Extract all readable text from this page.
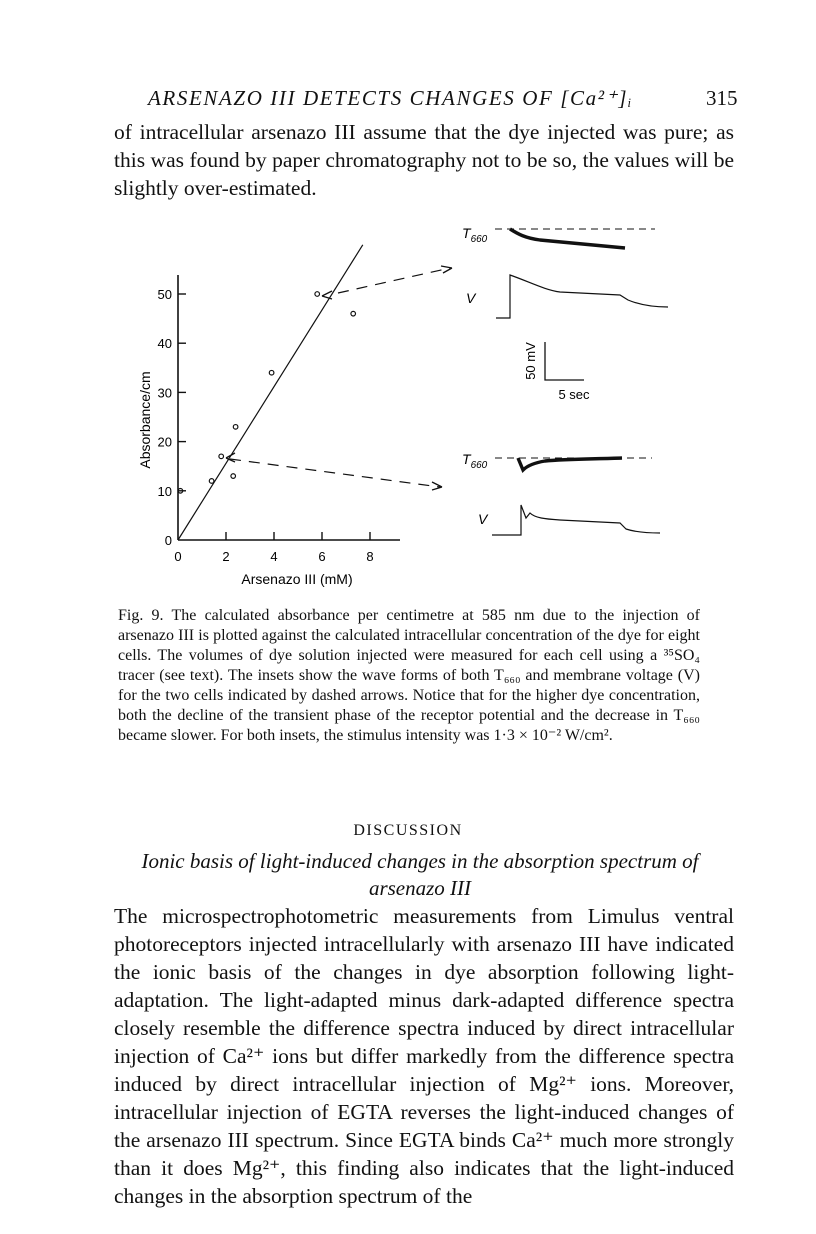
ARSENAZO III DETECTS CHANGES OF [Ca²⁺]ᵢ	315
of intracellular arsenazo III assume that the dye injected was pure; as this was found by paper chromatography not to be so, the values will be slightly over-estimated.
0
10
20
30
40
50
0	2	4	6	8
Absorbance/cm
Arsenazo III (mM)
$T_{660}$
V
50 mV
5 sec
$T_{660}$
V
Fig. 9. The calculated absorbance per centimetre at 585 nm due to the injection of arsenazo III is plotted against the calculated intracellular concentration of the dye for eight cells. The volumes of dye solution injected were measured for each cell using a ³⁵SO₄ tracer (see text). The insets show the wave forms of both T₆₆₀ and membrane voltage (V) for the two cells indicated by dashed arrows. Notice that for the higher dye concentration, both the decline of the transient phase of the receptor potential and the decrease in T₆₆₀ became slower. For both insets, the stimulus intensity was 1·3 × 10⁻² W/cm².
DISCUSSION
Ionic basis of light-induced changes in the absorption spectrum of arsenazo III
The microspectrophotometric measurements from Limulus ventral photoreceptors injected intracellularly with arsenazo III have indicated the ionic basis of the changes in dye absorption following light-adaptation. The light-adapted minus dark-adapted difference spectra closely resemble the difference spectra induced by direct intracellular injection of Ca²⁺ ions but differ markedly from the difference spectra induced by direct intracellular injection of Mg²⁺ ions. Moreover, intracellular injection of EGTA reverses the light-induced changes of the arsenazo III spectrum. Since EGTA binds Ca²⁺ much more strongly than it does Mg²⁺, this finding also indicates that the light-induced changes in the absorption spectrum of the
